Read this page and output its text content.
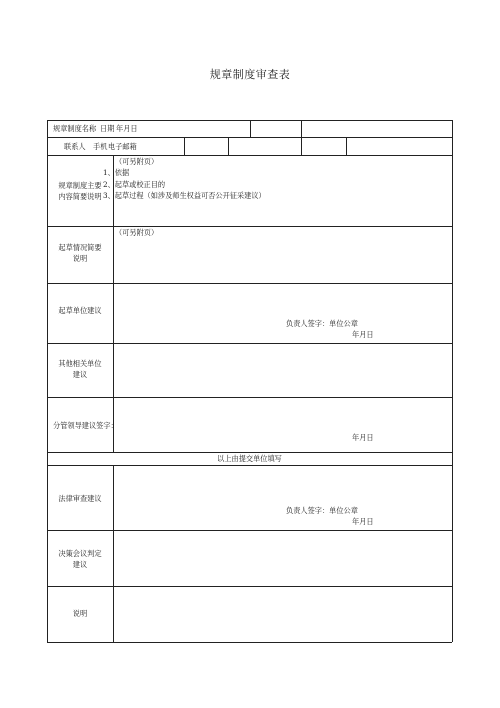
规章制度审查表
规章制度名称 日期 年月日
联系人 手机 电子邮箱
规章制度主要
内容简要说明
（可另附页）
1、依据
2、起草或校正目的
3、起草过程（如涉及师生权益可否公开征采建议）
起草情况简要
说明
（可另附页）
起草单位建议
负责人签字：单位公章
年月日
其他相关单位
建议
分管领导建议签字：
年月日
以上由提交单位填写
法律审查建议
负责人签字：单位公章
年月日
决策会议判定
建议
说明
